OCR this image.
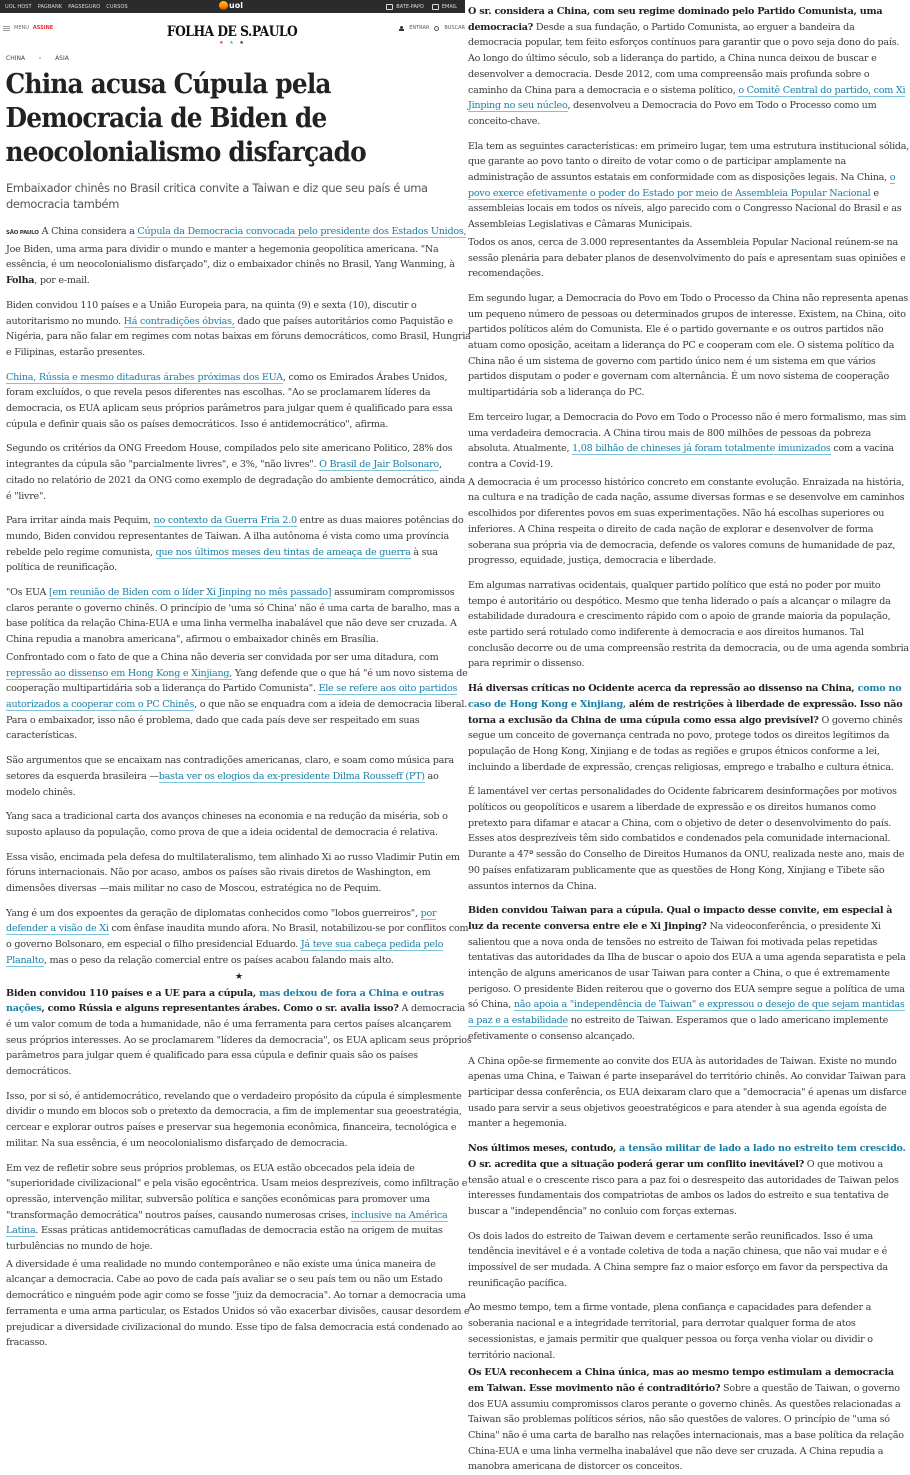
UOL HOST PAGBANK PAGSEGURO CURSOS	uol	BATE-PAPO	EMAIL
MENU ASSINE	FOLHA DE S.PAULO
★ ★ ★
ENTRAR	BUSCAR
CHINA	ÁSIA
China acusa Cúpula pela Democracia de Biden de neocolonialismo disfarçado
Embaixador chinês no Brasil critica convite a Taiwan e diz que seu país é uma democracia também

SÃO PAULO A China considera a Cúpula da Democracia convocada pelo presidente dos Estados Unidos, Joe Biden, uma arma para dividir o mundo e manter a hegemonia geopolítica americana. "Na essência, é um neocolonialismo disfarçado", diz o embaixador chinês no Brasil, Yang Wanming, à Folha, por e-mail.

Biden convidou 110 países e a União Europeia para, na quinta (9) e sexta (10), discutir o autoritarismo no mundo. Há contradições óbvias, dado que países autoritários como Paquistão e Nigéria, para não falar em regimes com notas baixas em fóruns democráticos, como Brasil, Hungria e Filipinas, estarão presentes.

China, Rússia e mesmo ditaduras árabes próximas dos EUA, como os Emirados Árabes Unidos, foram excluídos, o que revela pesos diferentes nas escolhas. "Ao se proclamarem líderes da democracia, os EUA aplicam seus próprios parâmetros para julgar quem é qualificado para essa cúpula e definir quais são os países democráticos. Isso é antidemocrático", afirma.

Segundo os critérios da ONG Freedom House, compilados pelo site americano Politico, 28% dos integrantes da cúpula são "parcialmente livres", e 3%, "não livres". O Brasil de Jair Bolsonaro, citado no relatório de 2021 da ONG como exemplo de degradação do ambiente democrático, ainda é "livre".

Para irritar ainda mais Pequim, no contexto da Guerra Fria 2.0 entre as duas maiores potências do mundo, Biden convidou representantes de Taiwan. A ilha autônoma é vista como uma província rebelde pelo regime comunista, que nos últimos meses deu tintas de ameaça de guerra à sua política de reunificação.

"Os EUA [em reunião de Biden com o líder Xi Jinping no mês passado] assumiram compromissos claros perante o governo chinês. O princípio de 'uma só China' não é uma carta de baralho, mas a base política da relação China-EUA e uma linha vermelha inabalável que não deve ser cruzada. A China repudia a manobra americana", afirmou o embaixador chinês em Brasília.

Confrontado com o fato de que a China não deveria ser convidada por ser uma ditadura, com repressão ao dissenso em Hong Kong e Xinjiang, Yang defende que o que há "é um novo sistema de cooperação multipartidária sob a liderança do Partido Comunista". Ele se refere aos oito partidos autorizados a cooperar com o PC Chinês, o que não se enquadra com a ideia de democracia liberal. Para o embaixador, isso não é problema, dado que cada país deve ser respeitado em suas características.

São argumentos que se encaixam nas contradições americanas, claro, e soam como música para setores da esquerda brasileira —basta ver os elogios da ex-presidente Dilma Rousseff (PT) ao modelo chinês.

Yang saca a tradicional carta dos avanços chineses na economia e na redução da miséria, sob o suposto aplauso da população, como prova de que a ideia ocidental de democracia é relativa.

Essa visão, encimada pela defesa do multilateralismo, tem alinhado Xi ao russo Vladimir Putin em fóruns internacionais. Não por acaso, ambos os países são rivais diretos de Washington, em dimensões diversas —mais militar no caso de Moscou, estratégica no de Pequim.

Yang é um dos expoentes da geração de diplomatas conhecidos como "lobos guerreiros", por defender a visão de Xi com ênfase inaudita mundo afora. No Brasil, notabilizou-se por conflitos com o governo Bolsonaro, em especial o filho presidencial Eduardo. Já teve sua cabeça pedida pelo Planalto, mas o peso da relação comercial entre os países acabou falando mais alto.

★

Biden convidou 110 países e a UE para a cúpula, mas deixou de fora a China e outras nações, como Rússia e alguns representantes árabes. Como o sr. avalia isso? A democracia é um valor comum de toda a humanidade, não é uma ferramenta para certos países alcançarem seus próprios interesses. Ao se proclamarem "líderes da democracia", os EUA aplicam seus próprios parâmetros para julgar quem é qualificado para essa cúpula e definir quais são os países democráticos.

Isso, por si só, é antidemocrático, revelando que o verdadeiro propósito da cúpula é simplesmente dividir o mundo em blocos sob o pretexto da democracia, a fim de implementar sua geoestratégia, cercear e explorar outros países e preservar sua hegemonia econômica, financeira, tecnológica e militar. Na sua essência, é um neocolonialismo disfarçado de democracia.

Em vez de refletir sobre seus próprios problemas, os EUA estão obcecados pela ideia de "superioridade civilizacional" e pela visão egocêntrica. Usam meios desprezíveis, como infiltração e opressão, intervenção militar, subversão política e sanções econômicas para promover uma "transformação democrática" noutros países, causando numerosas crises, inclusive na América Latina. Essas práticas antidemocráticas camufladas de democracia estão na origem de muitas turbulências no mundo de hoje.

A diversidade é uma realidade no mundo contemporâneo e não existe uma única maneira de alcançar a democracia. Cabe ao povo de cada país avaliar se o seu país tem ou não um Estado democrático e ninguém pode agir como se fosse "juiz da democracia". Ao tornar a democracia uma ferramenta e uma arma particular, os Estados Unidos só vão exacerbar divisões, causar desordem e prejudicar a diversidade civilizacional do mundo. Esse tipo de falsa democracia está condenado ao fracasso.

O sr. considera a China, com seu regime dominado pelo Partido Comunista, uma democracia? Desde a sua fundação, o Partido Comunista, ao erguer a bandeira da democracia popular, tem feito esforços contínuos para garantir que o povo seja dono do país. Ao longo do último século, sob a liderança do partido, a China nunca deixou de buscar e desenvolver a democracia. Desde 2012, com uma compreensão mais profunda sobre o caminho da China para a democracia e o sistema político, o Comitê Central do partido, com Xi Jinping no seu núcleo, desenvolveu a Democracia do Povo em Todo o Processo como um conceito-chave.

Ela tem as seguintes características: em primeiro lugar, tem uma estrutura institucional sólida, que garante ao povo tanto o direito de votar como o de participar amplamente na administração de assuntos estatais em conformidade com as disposições legais. Na China, o povo exerce efetivamente o poder do Estado por meio de Assembleia Popular Nacional e assembleias locais em todos os níveis, algo parecido com o Congresso Nacional do Brasil e as Assembleias Legislativas e Câmaras Municipais.

Todos os anos, cerca de 3.000 representantes da Assembleia Popular Nacional reúnem-se na sessão plenária para debater planos de desenvolvimento do país e apresentam suas opiniões e recomendações.

Em segundo lugar, a Democracia do Povo em Todo o Processo da China não representa apenas um pequeno número de pessoas ou determinados grupos de interesse. Existem, na China, oito partidos políticos além do Comunista. Ele é o partido governante e os outros partidos não atuam como oposição, aceitam a liderança do PC e cooperam com ele. O sistema político da China não é um sistema de governo com partido único nem é um sistema em que vários partidos disputam o poder e governam com alternância. É um novo sistema de cooperação multipartidária sob a liderança do PC.

Em terceiro lugar, a Democracia do Povo em Todo o Processo não é mero formalismo, mas sim uma verdadeira democracia. A China tirou mais de 800 milhões de pessoas da pobreza absoluta. Atualmente, 1,08 bilhão de chineses já foram totalmente imunizados com a vacina contra a Covid-19.

A democracia é um processo histórico concreto em constante evolução. Enraizada na história, na cultura e na tradição de cada nação, assume diversas formas e se desenvolve em caminhos escolhidos por diferentes povos em suas experimentações. Não há escolhas superiores ou inferiores. A China respeita o direito de cada nação de explorar e desenvolver de forma soberana sua própria via de democracia, defende os valores comuns de humanidade de paz, progresso, equidade, justiça, democracia e liberdade.

Em algumas narrativas ocidentais, qualquer partido político que está no poder por muito tempo é autoritário ou despótico. Mesmo que tenha liderado o país a alcançar o milagre da estabilidade duradoura e crescimento rápido com o apoio de grande maioria da população, este partido será rotulado como indiferente à democracia e aos direitos humanos. Tal conclusão decorre ou de uma compreensão restrita da democracia, ou de uma agenda sombria para reprimir o dissenso.

Há diversas críticas no Ocidente acerca da repressão ao dissenso na China, como no caso de Hong Kong e Xinjiang, além de restrições à liberdade de expressão. Isso não torna a exclusão da China de uma cúpula como essa algo previsível? O governo chinês segue um conceito de governança centrada no povo, protege todos os direitos legítimos da população de Hong Kong, Xinjiang e de todas as regiões e grupos étnicos conforme a lei, incluindo a liberdade de expressão, crenças religiosas, emprego e trabalho e cultura étnica.

É lamentável ver certas personalidades do Ocidente fabricarem desinformações por motivos políticos ou geopolíticos e usarem a liberdade de expressão e os direitos humanos como pretexto para difamar e atacar a China, com o objetivo de deter o desenvolvimento do país. Esses atos desprezíveis têm sido combatidos e condenados pela comunidade internacional. Durante a 47ª sessão do Conselho de Direitos Humanos da ONU, realizada neste ano, mais de 90 países enfatizaram publicamente que as questões de Hong Kong, Xinjiang e Tibete são assuntos internos da China.

Biden convidou Taiwan para a cúpula. Qual o impacto desse convite, em especial à luz da recente conversa entre ele e Xi Jinping? Na videoconferência, o presidente Xi salientou que a nova onda de tensões no estreito de Taiwan foi motivada pelas repetidas tentativas das autoridades da Ilha de buscar o apoio dos EUA a uma agenda separatista e pela intenção de alguns americanos de usar Taiwan para conter a China, o que é extremamente perigoso. O presidente Biden reiterou que o governo dos EUA sempre segue a política de uma só China, não apoia a "independência de Taiwan" e expressou o desejo de que sejam mantidas a paz e a estabilidade no estreito de Taiwan. Esperamos que o lado americano implemente efetivamente o consenso alcançado.

A China opõe-se firmemente ao convite dos EUA às autoridades de Taiwan. Existe no mundo apenas uma China, e Taiwan é parte inseparável do território chinês. Ao convidar Taiwan para participar dessa conferência, os EUA deixaram claro que a "democracia" é apenas um disfarce usado para servir a seus objetivos geoestratégicos e para atender à sua agenda egoísta de manter a hegemonia.

Nos últimos meses, contudo, a tensão militar de lado a lado no estreito tem crescido. O sr. acredita que a situação poderá gerar um conflito inevitável? O que motivou a tensão atual e o crescente risco para a paz foi o desrespeito das autoridades de Taiwan pelos interesses fundamentais dos compatriotas de ambos os lados do estreito e sua tentativa de buscar a "independência" no conluio com forças externas.

Os dois lados do estreito de Taiwan devem e certamente serão reunificados. Isso é uma tendência inevitável e é a vontade coletiva de toda a nação chinesa, que não vai mudar e é impossível de ser mudada. A China sempre faz o maior esforço em favor da perspectiva da reunificação pacífica.

Ao mesmo tempo, tem a firme vontade, plena confiança e capacidades para defender a soberania nacional e a integridade territorial, para derrotar qualquer forma de atos secessionistas, e jamais permitir que qualquer pessoa ou força venha violar ou dividir o território nacional.

Os EUA reconhecem a China única, mas ao mesmo tempo estimulam a democracia em Taiwan. Esse movimento não é contraditório? Sobre a questão de Taiwan, o governo dos EUA assumiu compromissos claros perante o governo chinês. As questões relacionadas a Taiwan são problemas políticos sérios, não são questões de valores. O princípio de "uma só China" não é uma carta de baralho nas relações internacionais, mas a base política da relação China-EUA e uma linha vermelha inabalável que não deve ser cruzada. A China repudia a manobra americana de distorcer os conceitos.
